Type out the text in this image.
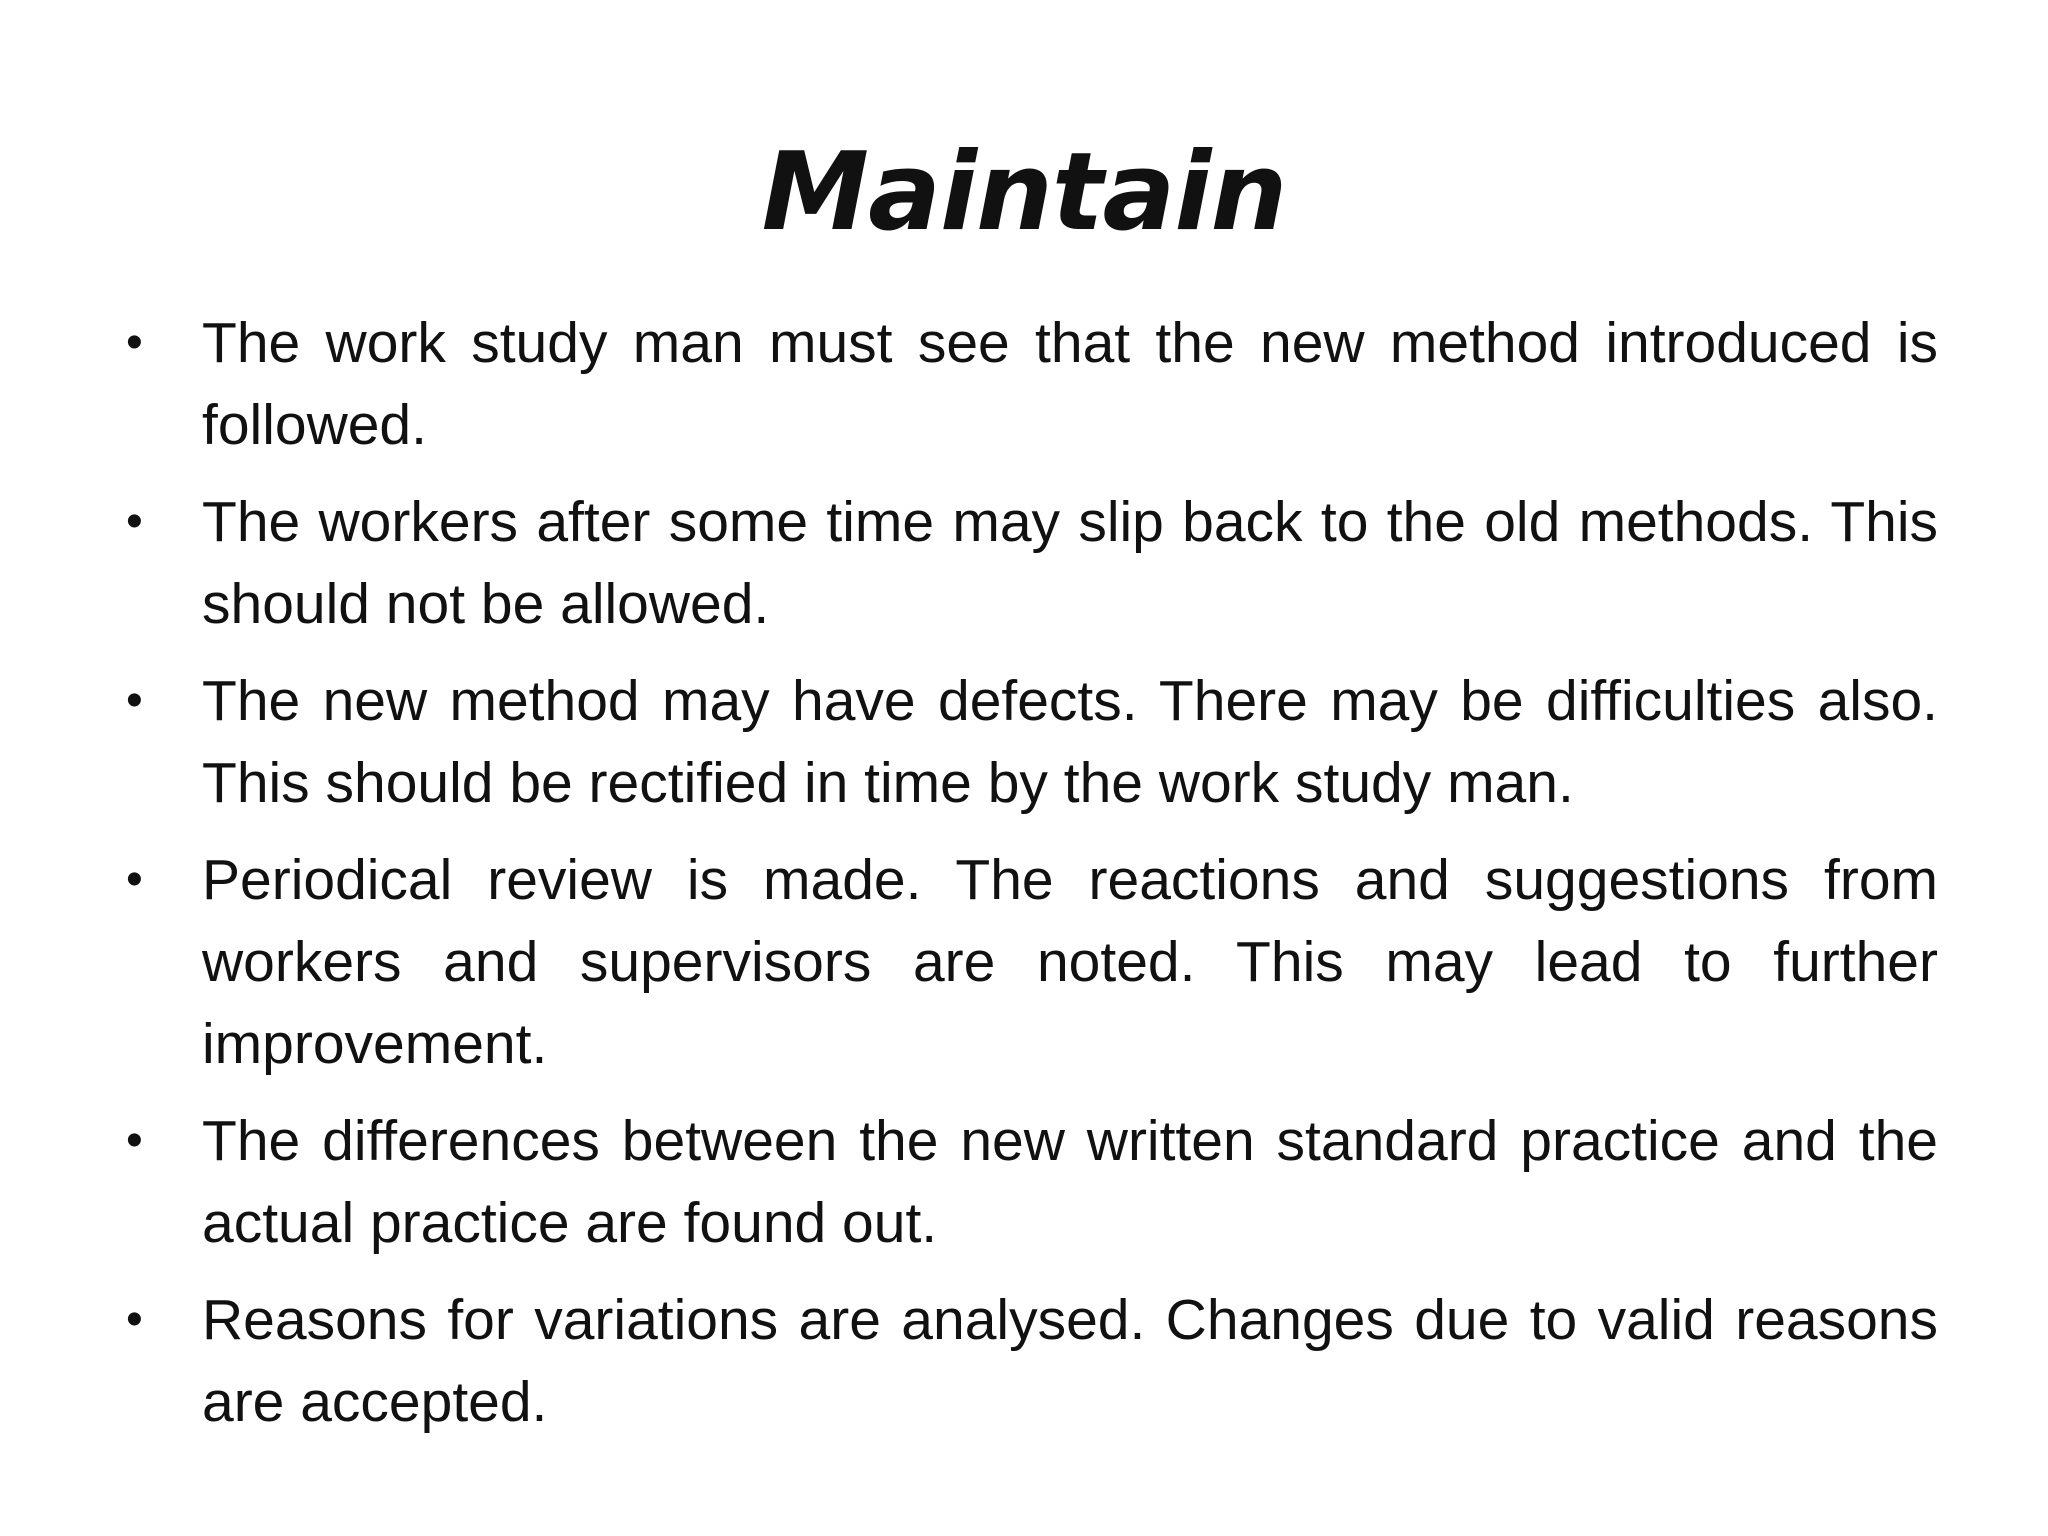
Maintain
• The work study man must see that the new method introduced is followed.
• The workers after some time may slip back to the old methods. This should not be allowed.
• The new method may have defects. There may be difficulties also. This should be rectified in time by the work study man.
• Periodical review is made. The reactions and suggestions from workers and supervisors are noted. This may lead to further improvement.
• The differences between the new written standard practice and the actual practice are found out.
• Reasons for variations are analysed. Changes due to valid reasons are accepted.
